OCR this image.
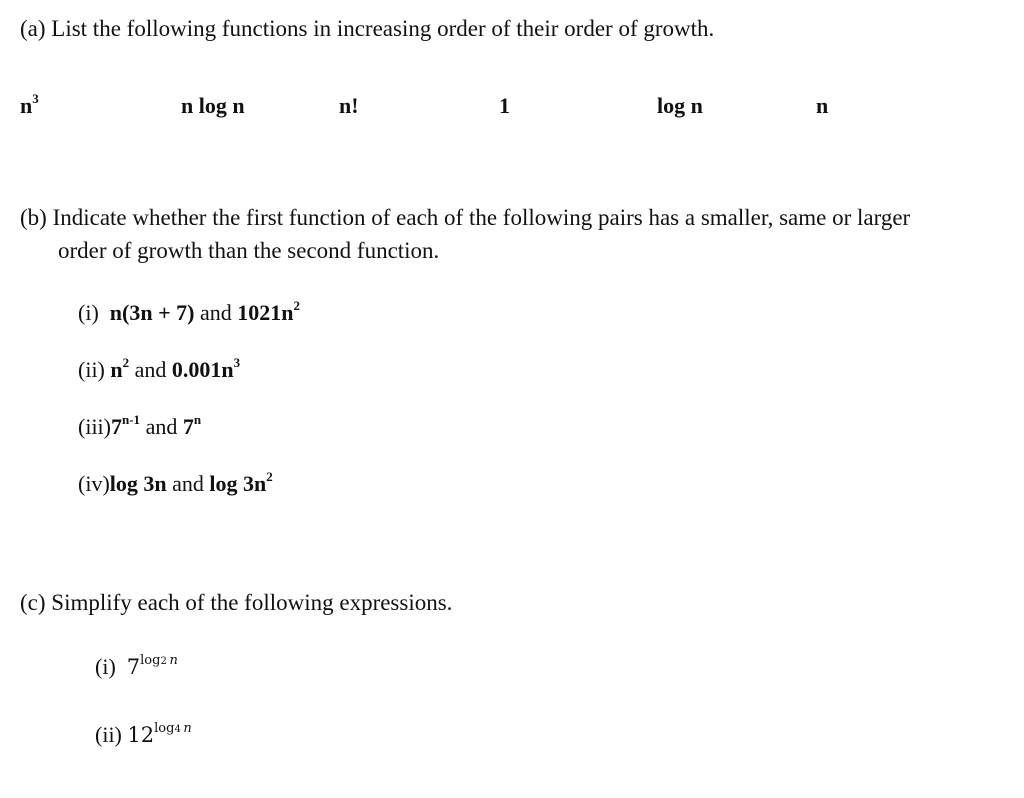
(a) List the following functions in increasing order of their order of growth.
$n^3$	n log n	n!	1	log n	n
(b) Indicate whether the first function of each of the following pairs has a smaller, same or larger
order of growth than the second function.
(i) n(3n + 7) and $1021n^2$
(ii) $n^2$ and $0.001n^3$
(iii)7$^{n-1}$ and 7$^n$
(iv)log 3n and $\log 3n^2$
(c) Simplify each of the following expressions.
(i) $7^{log2 n}$
(ii) $12^{log4 n}$
